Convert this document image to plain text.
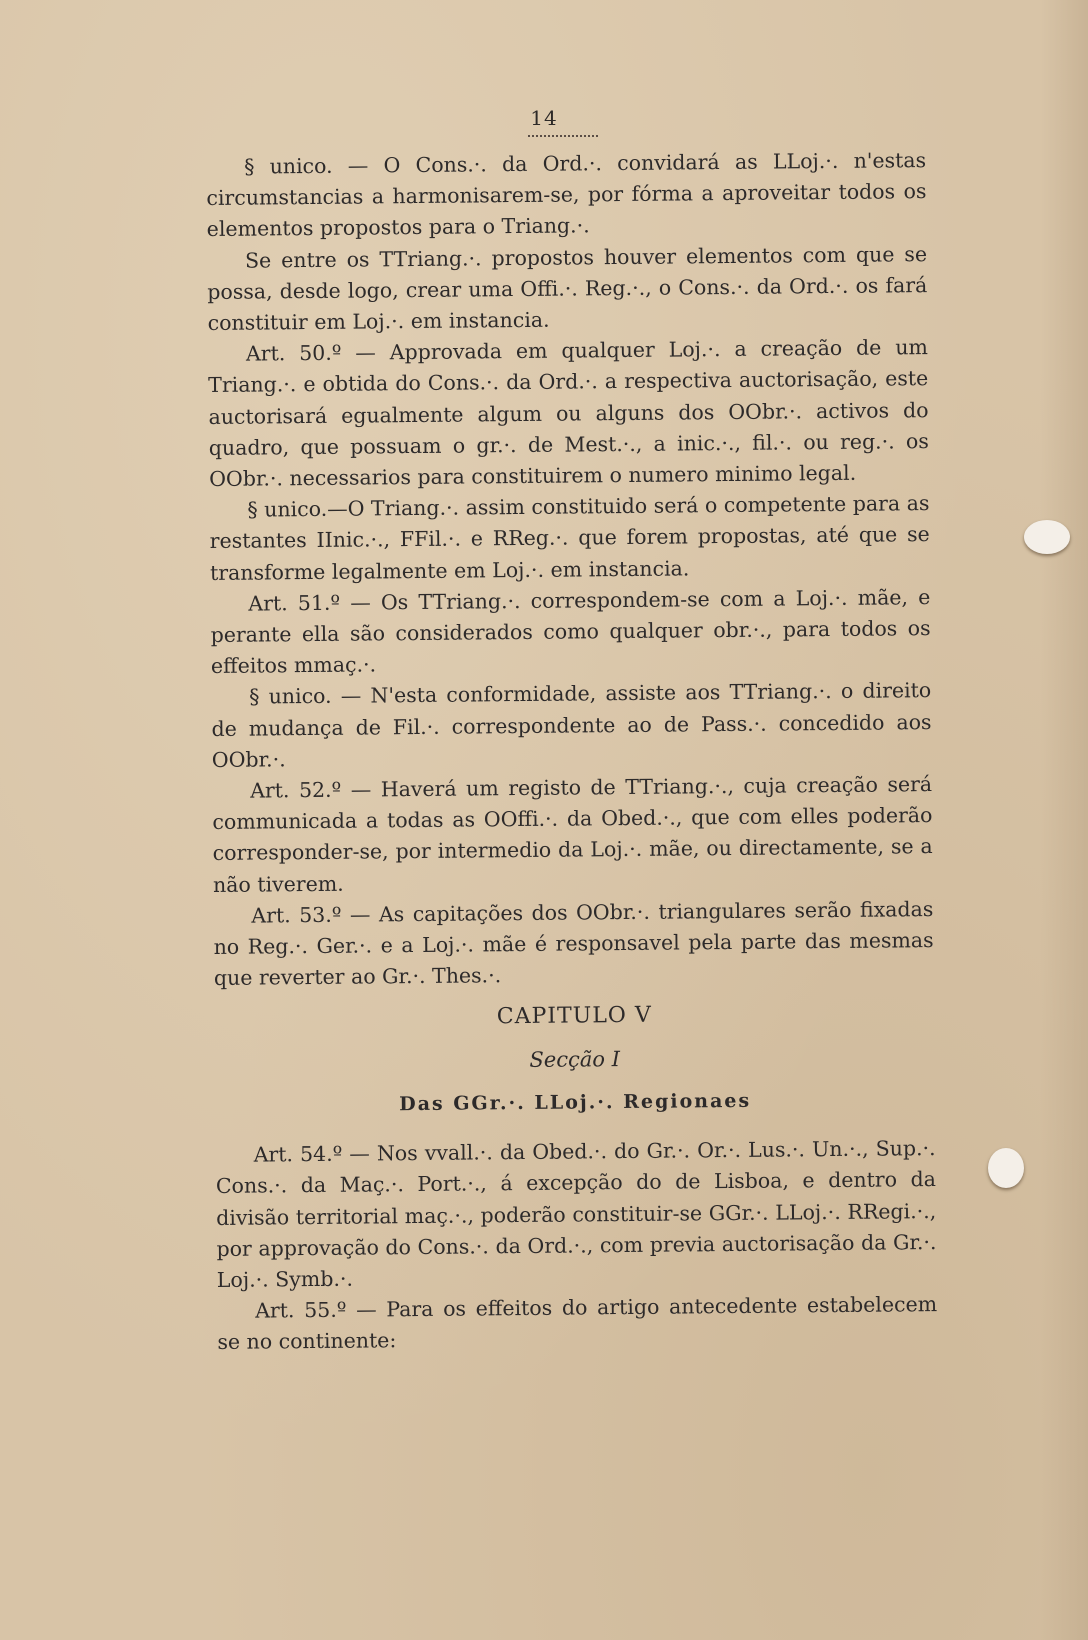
14

§ unico. — O Cons.·. da Ord.·. convidará as LLoj.·. n'estas circumstancias a harmonisarem-se, por fórma a aproveitar todos os elementos propostos para o Triang.·.

Se entre os TTriang.·. propostos houver elementos com que se possa, desde logo, crear uma Offi.·. Reg.·., o Cons.·. da Ord.·. os fará constituir em Loj.·. em instancia.

Art. 50.º — Approvada em qualquer Loj.·. a creação de um Triang.·. e obtida do Cons.·. da Ord.·. a respectiva auctorisação, este auctorisará egualmente algum ou alguns dos OObr.·. activos do quadro, que possuam o gr.·. de Mest.·., a inic.·., fil.·. ou reg.·. os OObr.·. necessarios para constituirem o numero minimo legal.

§ unico.—O Triang.·. assim constituido será o competente para as restantes IInic.·., FFil.·. e RReg.·. que forem propostas, até que se transforme legalmente em Loj.·. em instancia.

Art. 51.º — Os TTriang.·. correspondem-se com a Loj.·. mãe, e perante ella são considerados como qualquer obr.·., para todos os effeitos mmaç.·.

§ unico. — N'esta conformidade, assiste aos TTriang.·. o direito de mudança de Fil.·. correspondente ao de Pass.·. concedido aos OObr.·.

Art. 52.º — Haverá um registo de TTriang.·., cuja creação será communicada a todas as OOffi.·. da Obed.·., que com elles poderão corresponder-se, por intermedio da Loj.·. mãe, ou directamente, se a não tiverem.

Art. 53.º — As capitações dos OObr.·. triangulares serão fixadas no Reg.·. Ger.·. e a Loj.·. mãe é responsavel pela parte das mesmas que reverter ao Gr.·. Thes.·.

CAPITULO V

Secção I

Das GGr.·. LLoj.·. Regionaes

Art. 54.º — Nos vvall.·. da Obed.·. do Gr.·. Or.·. Lus.·. Un.·., Sup.·. Cons.·. da Maç.·. Port.·., á excepção do de Lisboa, e dentro da divisão territorial maç.·., poderão constituir-se GGr.·. LLoj.·. RRegi.·., por approvação do Cons.·. da Ord.·., com previa auctorisação da Gr.·. Loj.·. Symb.·.

Art. 55.º — Para os effeitos do artigo antecedente estabelecem se no continente:
